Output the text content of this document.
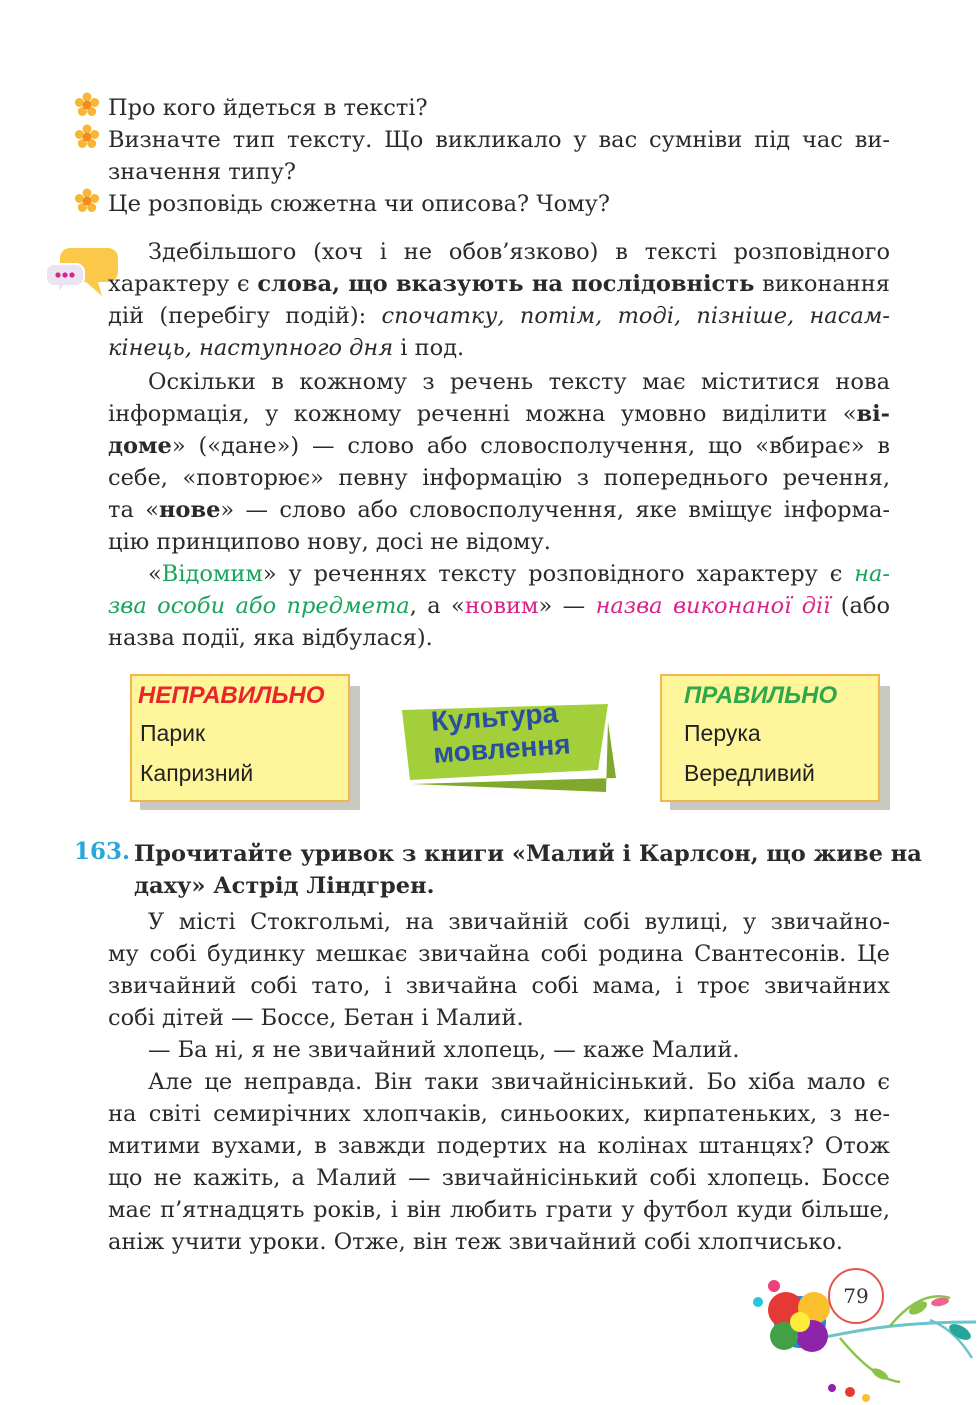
Про кого йдеться в тексті?
Визначте тип тексту. Що викликало у вас сумніви під час ви-
значення типу?
Це розповідь сюжетна чи описова? Чому?
Здебільшого (хоч і не обов’язково) в тексті розповідного
характеру є слова, що вказують на послідовність виконання
дій (перебігу подій): спочатку, потім, тоді, пізніше, насам-
кінець, наступного дня і под.
Оскільки в кожному з речень тексту має міститися нова
інформація, у кожному реченні можна умовно виділити «ві-
доме» («дане») — слово або словосполучення, що «вбирає» в
себе, «повторює» певну інформацію з попереднього речення,
та «нове» — слово або словосполучення, яке вміщує інформа-
цію принципово нову, досі не відому.
«Відомим» у реченнях тексту розповідного характеру є на-
зва особи або предмета, а «новим» — назва виконаної дії (або
назва події, яка відбулася).
НЕПРАВИЛЬНО
Парик
Капризний
Культура
мовлення
ПРАВИЛЬНО
Перука
Вередливий
163. Прочитайте уривок з книги «Малий і Карлсон, що живе на
даху» Астрід Ліндгрен.
У місті Стокгольмі, на звичайній собі вулиці, у звичайно-
му собі будинку мешкає звичайна собі родина Свантесонів. Це
звичайний собі тато, і звичайна собі мама, і троє звичайних
собі дітей — Боссе, Бетан і Малий.
— Ба ні, я не звичайний хлопець, — каже Малий.
Але це неправда. Він таки звичайнісінький. Бо хіба мало є
на світі семирічних хлопчаків, синьооких, кирпатеньких, з не-
митими вухами, в завжди подертих на колінах штанцях? Отож
що не кажіть, а Малий — звичайнісінький собі хлопець. Боссе
має п’ятнадцять років, і він любить грати у футбол куди більше,
аніж учити уроки. Отже, він теж звичайний собі хлопчисько.
79
